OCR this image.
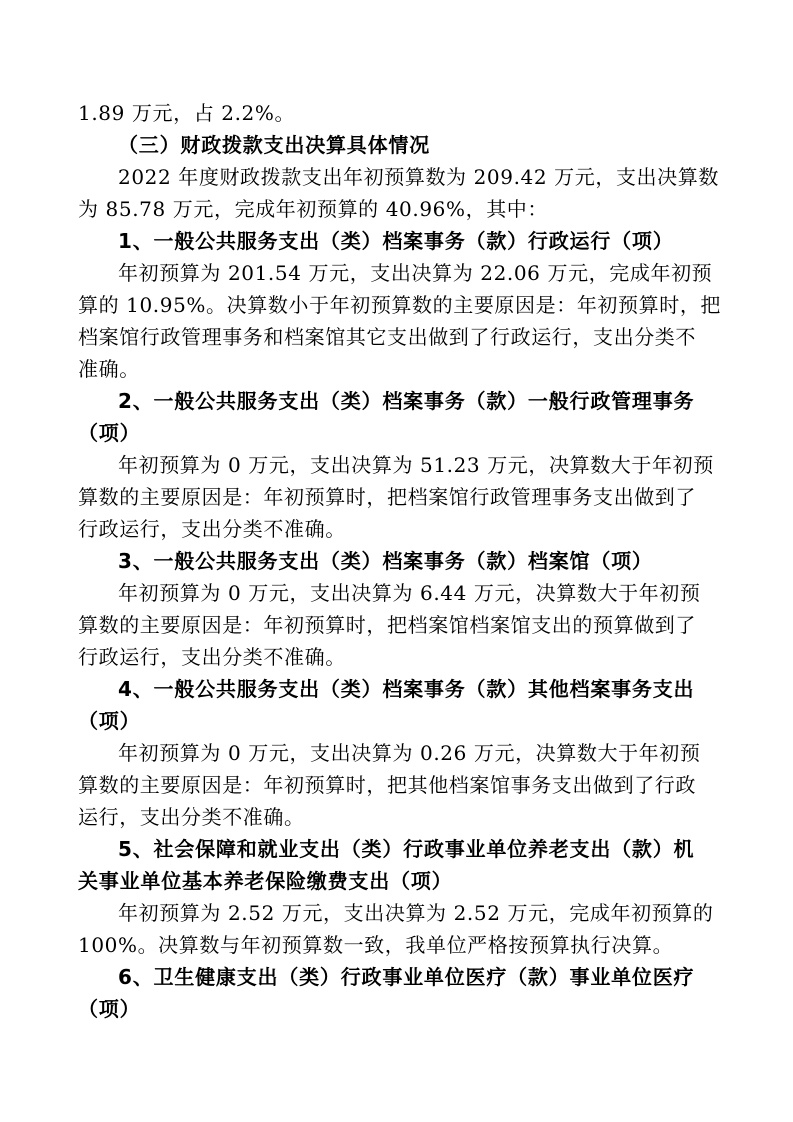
1.89 万元，占 2.2%。
（三）财政拨款支出决算具体情况
2022 年度财政拨款支出年初预算数为 209.42 万元，支出决算数
为 85.78 万元，完成年初预算的 40.96%，其中：
1、一般公共服务支出（类）档案事务（款）行政运行（项）
年初预算为 201.54 万元，支出决算为 22.06 万元，完成年初预
算的 10.95%。决算数小于年初预算数的主要原因是：年初预算时，把
档案馆行政管理事务和档案馆其它支出做到了行政运行，支出分类不
准确。
2、一般公共服务支出（类）档案事务（款）一般行政管理事务
（项）
年初预算为 0 万元，支出决算为 51.23 万元，决算数大于年初预
算数的主要原因是：年初预算时，把档案馆行政管理事务支出做到了
行政运行，支出分类不准确。
3、一般公共服务支出（类）档案事务（款）档案馆（项）
年初预算为 0 万元，支出决算为 6.44 万元，决算数大于年初预
算数的主要原因是：年初预算时，把档案馆档案馆支出的预算做到了
行政运行，支出分类不准确。
4、一般公共服务支出（类）档案事务（款）其他档案事务支出
（项）
年初预算为 0 万元，支出决算为 0.26 万元，决算数大于年初预
算数的主要原因是：年初预算时，把其他档案馆事务支出做到了行政
运行，支出分类不准确。
5、社会保障和就业支出（类）行政事业单位养老支出（款）机
关事业单位基本养老保险缴费支出（项）
年初预算为 2.52 万元，支出决算为 2.52 万元，完成年初预算的
100%。决算数与年初预算数一致，我单位严格按预算执行决算。
6、卫生健康支出（类）行政事业单位医疗（款）事业单位医疗
（项）
